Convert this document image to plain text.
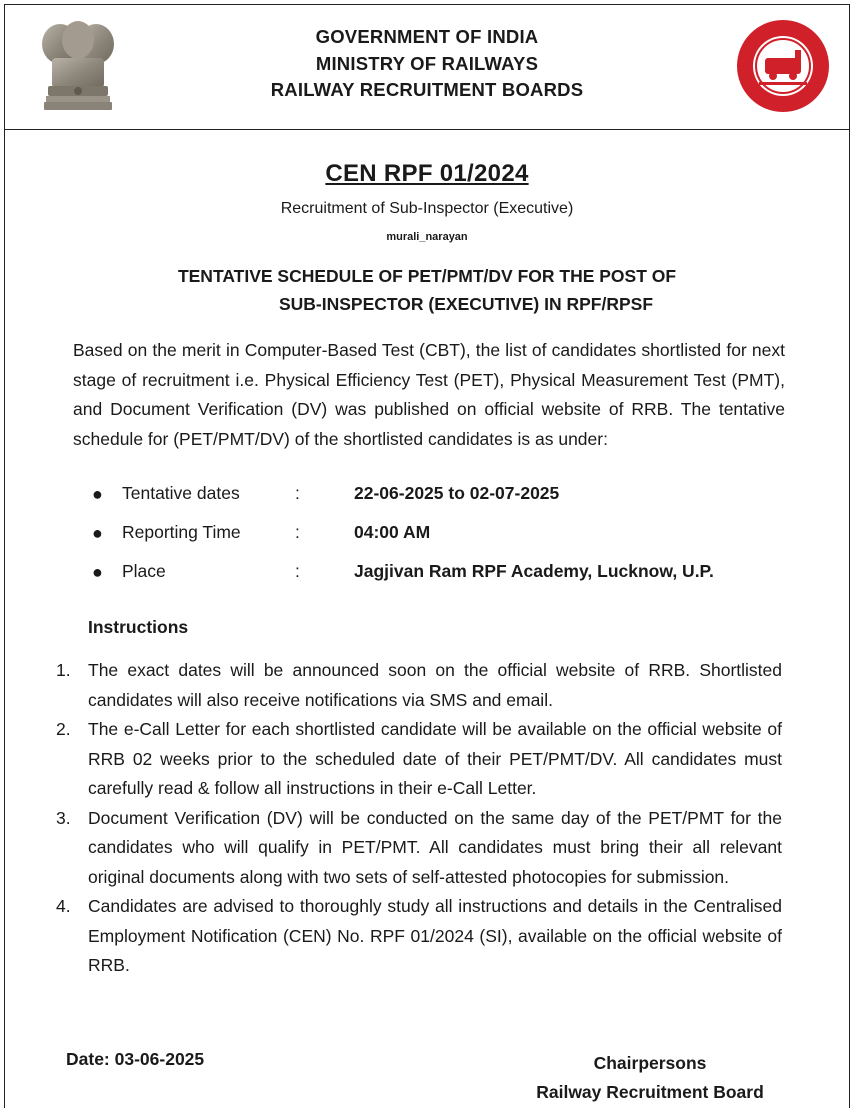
GOVERNMENT OF INDIA
MINISTRY OF RAILWAYS
RAILWAY RECRUITMENT BOARDS
CEN RPF 01/2024
Recruitment of Sub-Inspector (Executive)
murali_narayan
TENTATIVE SCHEDULE OF PET/PMT/DV FOR THE POST OF
SUB-INSPECTOR (EXECUTIVE) IN RPF/RPSF
Based on the merit in Computer-Based Test (CBT), the list of candidates shortlisted for next stage of recruitment i.e. Physical Efficiency Test (PET), Physical Measurement Test (PMT), and Document Verification (DV) was published on official website of RRB. The tentative schedule for (PET/PMT/DV) of the shortlisted candidates is as under:
● Tentative dates	:	22-06-2025 to 02-07-2025
● Reporting Time	:	04:00 AM
● Place	:	Jagjivan Ram RPF Academy, Lucknow, U.P.
Instructions
1. The exact dates will be announced soon on the official website of RRB. Shortlisted candidates will also receive notifications via SMS and email.
2. The e-Call Letter for each shortlisted candidate will be available on the official website of RRB 02 weeks prior to the scheduled date of their PET/PMT/DV. All candidates must carefully read & follow all instructions in their e-Call Letter.
3. Document Verification (DV) will be conducted on the same day of the PET/PMT for the candidates who will qualify in PET/PMT. All candidates must bring their all relevant original documents along with two sets of self-attested photocopies for submission.
4. Candidates are advised to thoroughly study all instructions and details in the Centralised Employment Notification (CEN) No. RPF 01/2024 (SI), available on the official website of RRB.
Date: 03-06-2025	Chairpersons
Railway Recruitment Board
